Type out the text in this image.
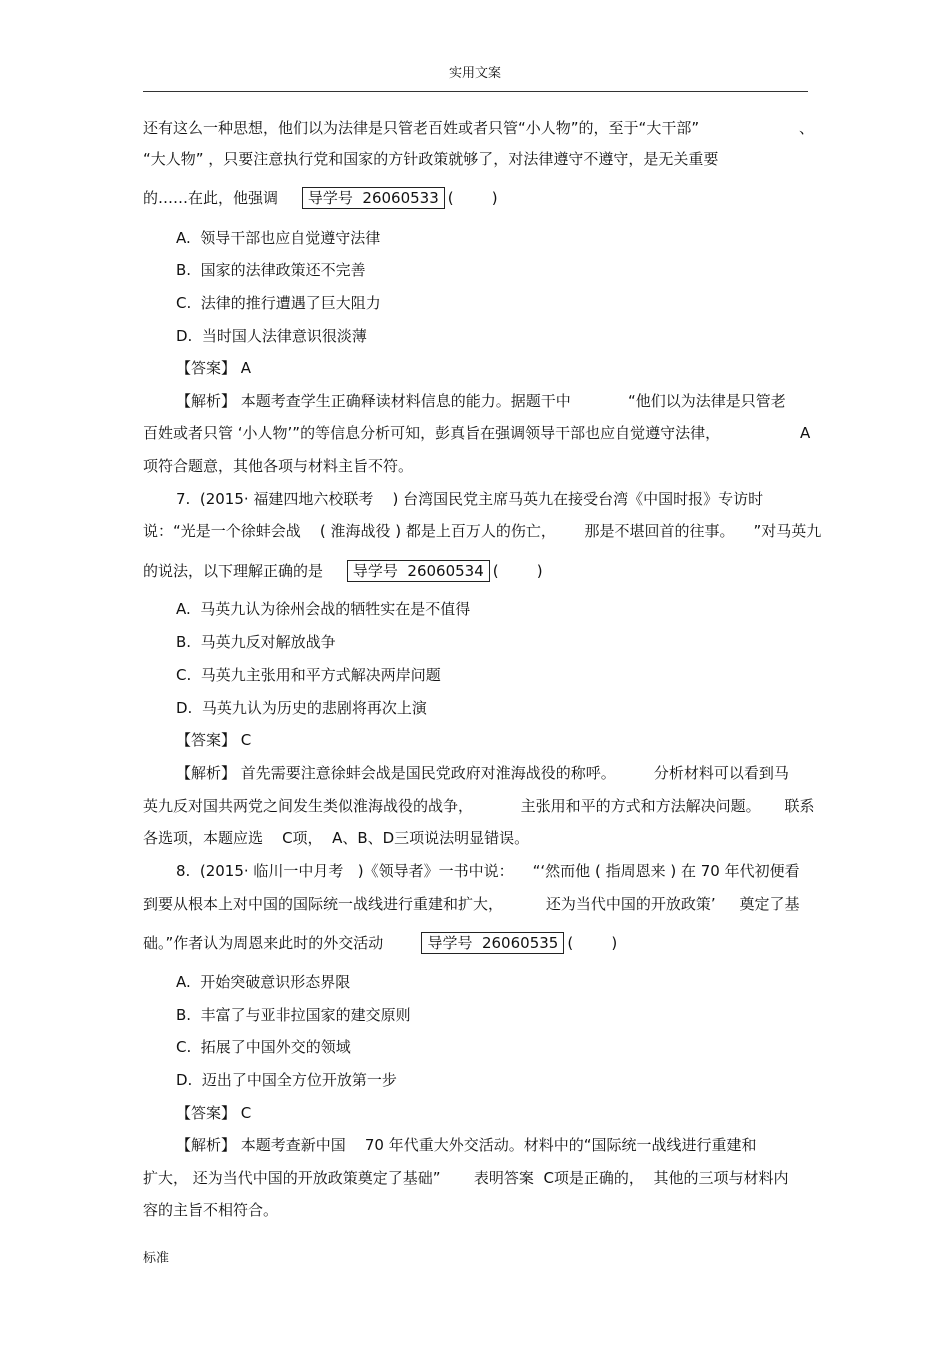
实用文案
还有这么一种思想，他们以为法律是只管老百姓或者只管“小人物”的，至于“大干部”	、
“大人物” ，只要注意执行党和国家的方针政策就够了，对法律遵守不遵守，是无关重要
的……在此，他强调 导学号  26060533 (        )
A.  领导干部也应自觉遵守法律
B.  国家的法律政策还不完善
C.  法律的推行遭遇了巨大阻力
D.  当时国人法律意识很淡薄
【答案】 A
【解析】 本题考查学生正确释读材料信息的能力。据题干中            “他们以为法律是只管老
百姓或者只管 ‘小人物’”的等信息分析可知，彭真旨在强调领导干部也应自觉遵守法律，	A
项符合题意，其他各项与材料主旨不符。
7.  (2015· 福建四地六校联考    ) 台湾国民党主席马英九在接受台湾《中国时报》专访时
说：“光是一个徐蚌会战    ( 淮海战役 ) 都是上百万人的伤亡，      那是不堪回首的往事。    ”对马英九
的说法，以下理解正确的是 导学号  26060534 (        )
A.  马英九认为徐州会战的牺牲实在是不值得
B.  马英九反对解放战争
C.  马英九主张用和平方式解决两岸问题
D.  马英九认为历史的悲剧将再次上演
【答案】 C
【解析】 首先需要注意徐蚌会战是国民党政府对淮海战役的称呼。        分析材料可以看到马
英九反对国共两党之间发生类似淮海战役的战争，          主张用和平的方式和方法解决问题。     联系
各选项，本题应选    C项，  A、B、D三项说法明显错误。
8.  (2015· 临川一中月考   )《领导者》一书中说：    “‘然而他 ( 指周恩来 ) 在 70 年代初便看
到要从根本上对中国的国际统一战线进行重建和扩大，         还为当代中国的开放政策’     奠定了基
础。”作者认为周恩来此时的外交活动	导学号  26060535 (        )
A.  开始突破意识形态界限
B.  丰富了与亚非拉国家的建交原则
C.  拓展了中国外交的领域
D.  迈出了中国全方位开放第一步
【答案】 C
【解析】 本题考查新中国    70 年代重大外交活动。材料中的“国际统一战线进行重建和
扩大， 还为当代中国的开放政策奠定了基础”       表明答案  C项是正确的，  其他的三项与材料内
容的主旨不相符合。
标准
